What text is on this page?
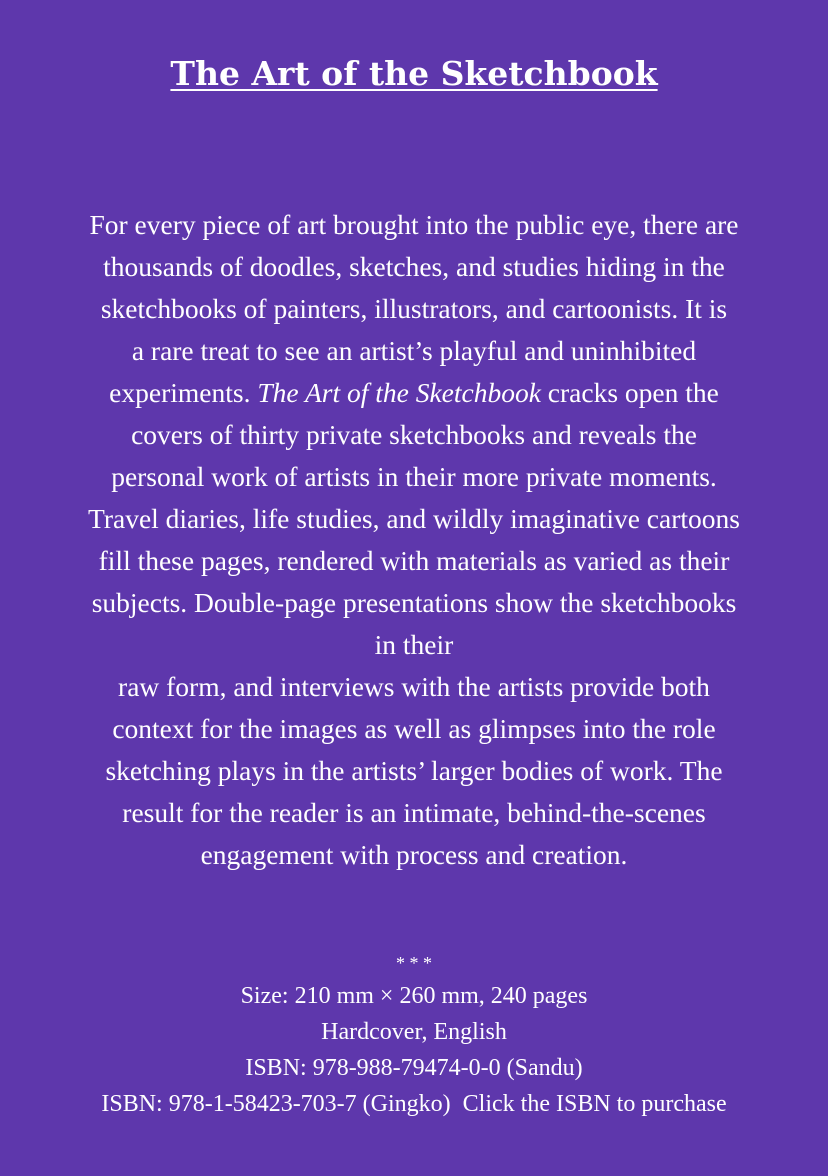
The Art of the Sketchbook
For every piece of art brought into the public eye, there are
thousands of doodles, sketches, and studies hiding in the
sketchbooks of painters, illustrators, and cartoonists. It is
a rare treat to see an artist’s playful and uninhibited
experiments. The Art of the Sketchbook cracks open the
covers of thirty private sketchbooks and reveals the
personal work of artists in their more private moments.
Travel diaries, life studies, and wildly imaginative cartoons
fill these pages, rendered with materials as varied as their
subjects. Double-page presentations show the sketchbooks
in their
raw form, and interviews with the artists provide both
context for the images as well as glimpses into the role
sketching plays in the artists’ larger bodies of work. The
result for the reader is an intimate, behind-the-scenes
engagement with process and creation.
* * *
Size: 210 mm × 260 mm, 240 pages
Hardcover, English
ISBN: 978-988-79474-0-0 (Sandu)
ISBN: 978-1-58423-703-7 (Gingko)  Click the ISBN to purchase
